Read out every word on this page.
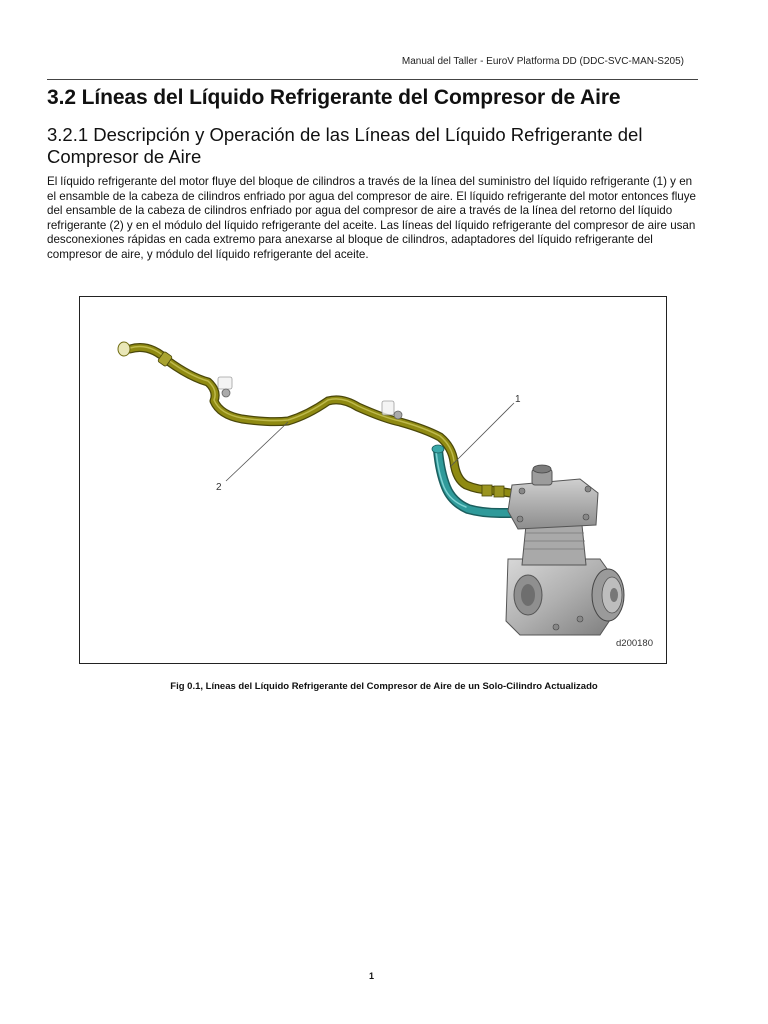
Manual del Taller - EuroV Platforma DD (DDC-SVC-MAN-S205)
3.2 Líneas del Líquido Refrigerante del Compresor de Aire
3.2.1 Descripción y Operación de las Líneas del Líquido Refrigerante del Compresor de Aire

El líquido refrigerante del motor fluye del bloque de cilindros a través de la línea del suministro del líquido refrigerante (1) y en el ensamble de la cabeza de cilindros enfriado por agua del compresor de aire. El líquido refrigerante del motor entonces fluye del ensamble de la cabeza de cilindros enfriado por agua del compresor de aire a través de la línea del retorno del líquido refrigerante (2) y en el módulo del líquido refrigerante del aceite. Las líneas del líquido refrigerante del compresor de aire usan desconexiones rápidas en cada extremo para anexarse al bloque de cilindros, adaptadores del líquido refrigerante del compresor de aire, y módulo del líquido refrigerante del aceite.

1
2
d200180
Fig 0.1, Líneas del Líquido Refrigerante del Compresor de Aire de un Solo-Cilindro Actualizado
1
